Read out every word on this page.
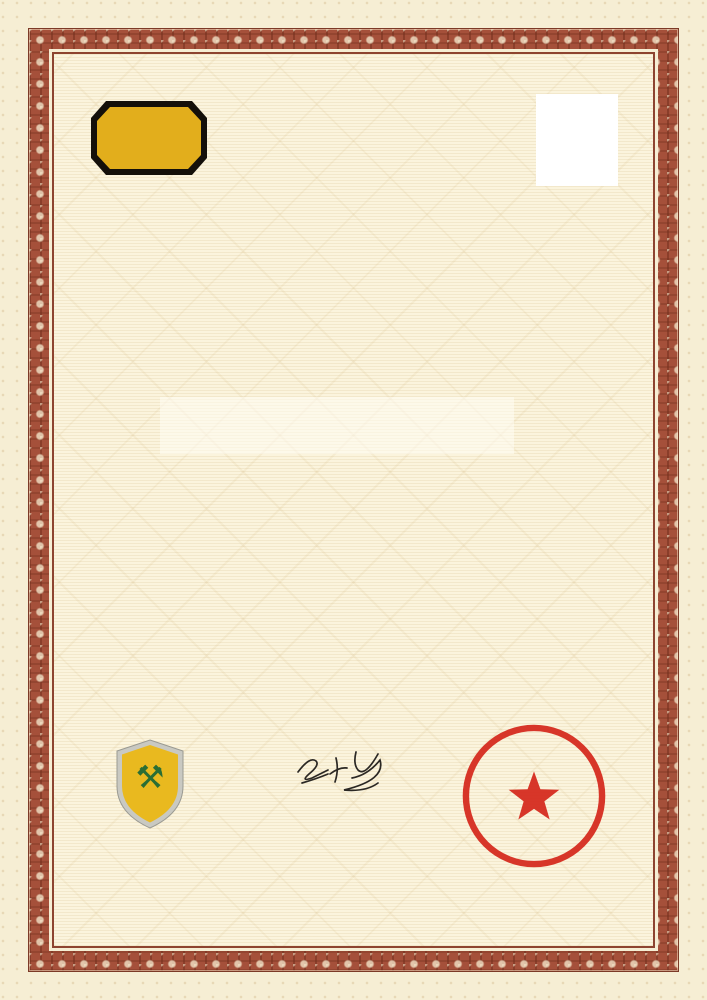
⚒
